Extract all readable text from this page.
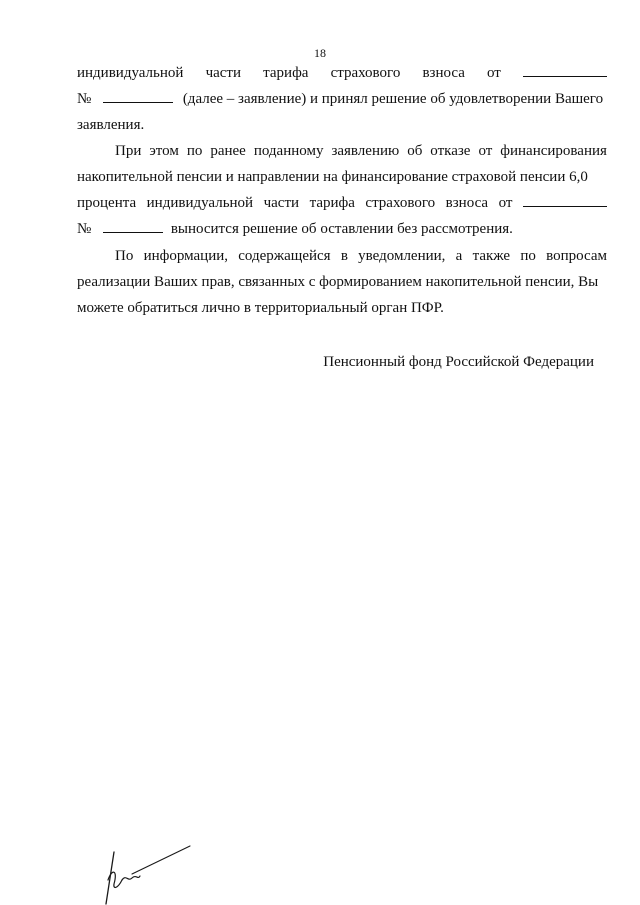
18
индивидуальной части тарифа страхового взноса от
№	(далее – заявление) и принял решение об удовлетворении Вашего
заявления.
При этом по ранее поданному заявлению об отказе от финансирования
накопительной пенсии и направлении на финансирование страховой пенсии 6,0
процента индивидуальной части тарифа страхового взноса от
№	выносится решение об оставлении без рассмотрения.
По информации, содержащейся в уведомлении, а также по вопросам
реализации Ваших прав, связанных с формированием накопительной пенсии, Вы
можете обратиться лично в территориальный орган ПФР.
Пенсионный фонд Российской Федерации
